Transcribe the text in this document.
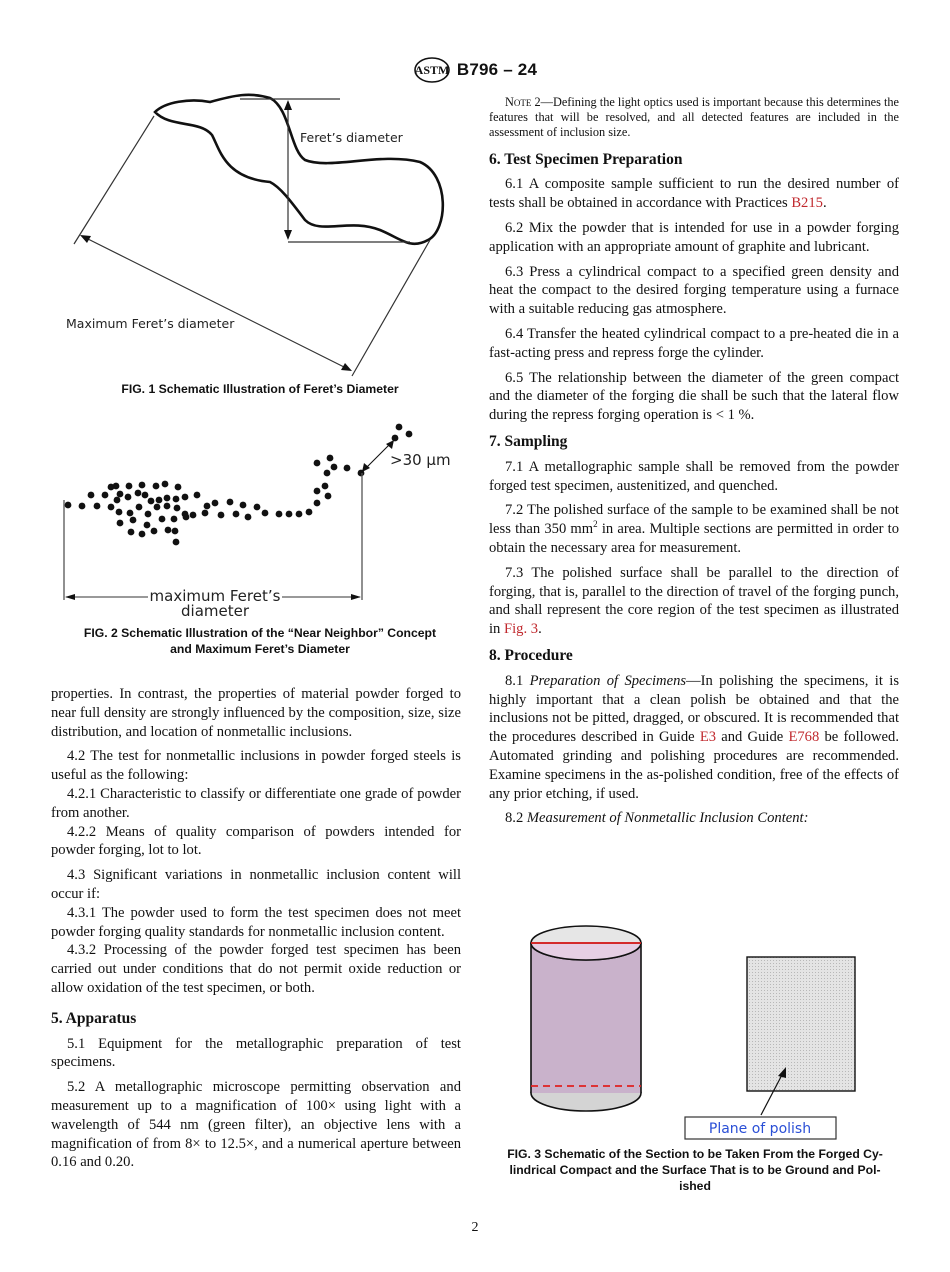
ASTM B796 – 24
Feret’s diameter
Maximum Feret’s diameter
FIG. 1 Schematic Illustration of Feret’s Diameter
>30 µm
maximum Feret’s
diameter
FIG. 2 Schematic Illustration of the “Near Neighbor” Concept
and Maximum Feret’s Diameter

properties. In contrast, the properties of material powder forged to near full density are strongly influenced by the composition, size, size distribution, and location of nonmetallic inclusions.

4.2 The test for nonmetallic inclusions in powder forged steels is useful as the following:

4.2.1 Characteristic to classify or differentiate one grade of powder from another.

4.2.2 Means of quality comparison of powders intended for powder forging, lot to lot.

4.3 Significant variations in nonmetallic inclusion content will occur if:

4.3.1 The powder used to form the test specimen does not meet powder forging quality standards for nonmetallic inclusion content.

4.3.2 Processing of the powder forged test specimen has been carried out under conditions that do not permit oxide reduction or allow oxidation of the test specimen, or both.

5. Apparatus

5.1 Equipment for the metallographic preparation of test specimens.

5.2 A metallographic microscope permitting observation and measurement up to a magnification of 100× using light with a wavelength of 544 nm (green filter), an objective lens with a magnification of from 8× to 12.5×, and a numerical aperture between 0.16 and 0.20.

Note 2—Defining the light optics used is important because this determines the features that will be resolved, and all detected features are included in the assessment of inclusion size.

6. Test Specimen Preparation

6.1 A composite sample sufficient to run the desired number of tests shall be obtained in accordance with Practices B215.

6.2 Mix the powder that is intended for use in a powder forging application with an appropriate amount of graphite and lubricant.

6.3 Press a cylindrical compact to a specified green density and heat the compact to the desired forging temperature using a furnace with a suitable reducing gas atmosphere.

6.4 Transfer the heated cylindrical compact to a pre-heated die in a fast-acting press and repress forge the cylinder.

6.5 The relationship between the diameter of the green compact and the diameter of the forging die shall be such that the lateral flow during the repress forging operation is < 1 %.

7. Sampling

7.1 A metallographic sample shall be removed from the powder forged test specimen, austenitized, and quenched.

7.2 The polished surface of the sample to be examined shall be not less than 350 $mm^2$ in area. Multiple sections are permitted in order to obtain the necessary area for measurement.

7.3 The polished surface shall be parallel to the direction of forging, that is, parallel to the direction of travel of the forging punch, and shall represent the core region of the test specimen as illustrated in Fig. 3.

8. Procedure

8.1 Preparation of Specimens—In polishing the specimens, it is highly important that a clean polish be obtained and that the inclusions not be pitted, dragged, or obscured. It is recommended that the procedures described in Guide E3 and Guide E768 be followed. Automated grinding and polishing procedures are recommended. Examine specimens in the as-polished condition, free of the effects of any prior etching, if used.

8.2 Measurement of Nonmetallic Inclusion Content:

Plane of polish
FIG. 3 Schematic of the Section to be Taken From the Forged Cy-
lindrical Compact and the Surface That is to be Ground and Pol-
ished
2
